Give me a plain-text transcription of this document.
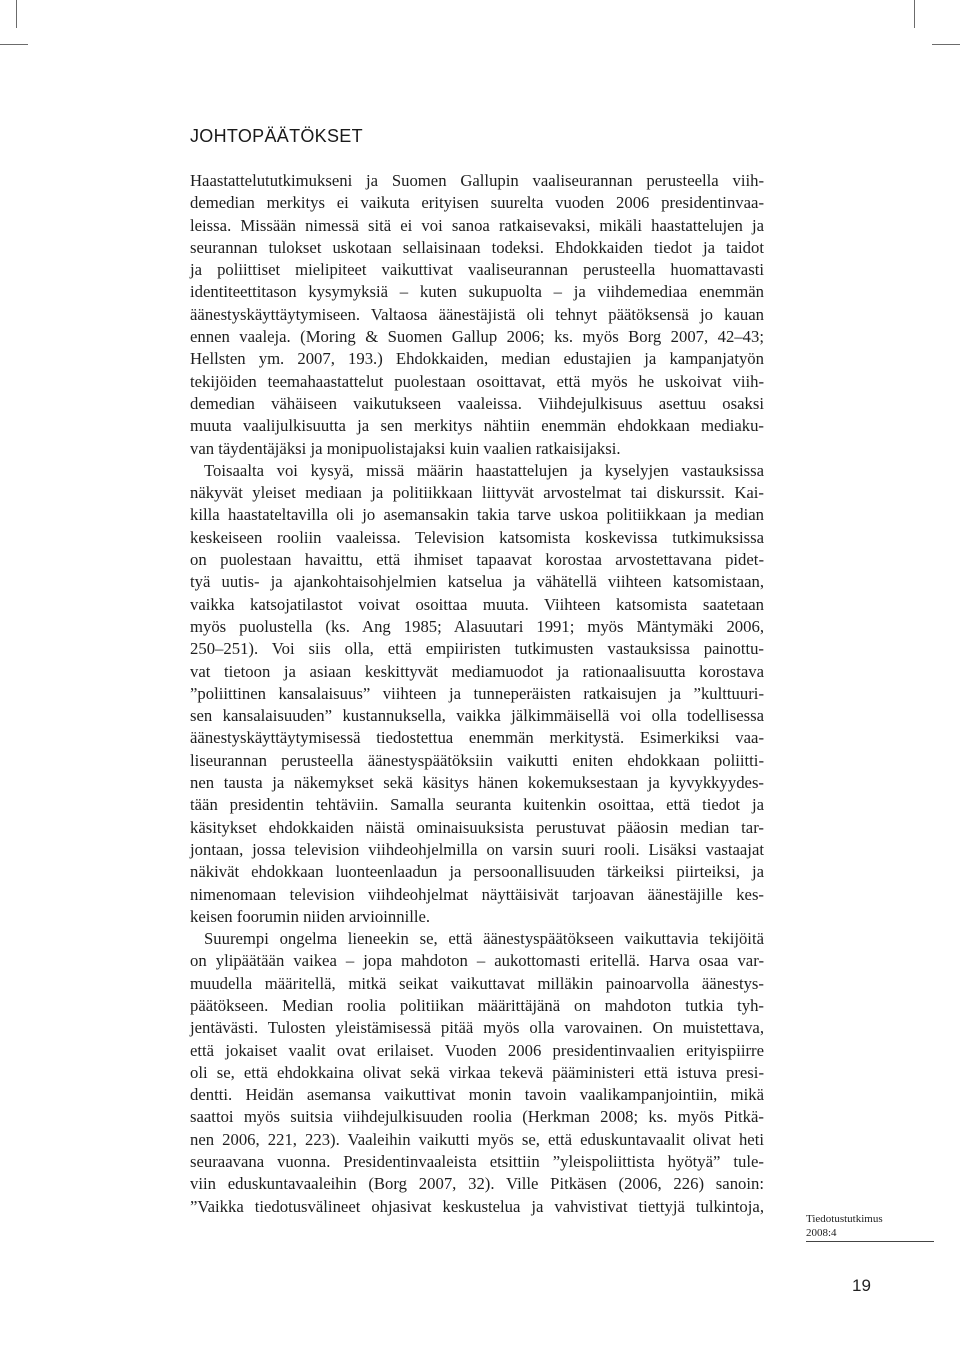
JOHTOPÄÄTÖKSET
Haastattelututkimukseni ja Suomen Gallupin vaaliseurannan perusteella viih-
demedian merkitys ei vaikuta erityisen suurelta vuoden 2006 presidentinvaa-
leissa. Missään nimessä sitä ei voi sanoa ratkaisevaksi, mikäli haastattelujen ja
seurannan tulokset uskotaan sellaisinaan todeksi. Ehdokkaiden tiedot ja taidot
ja poliittiset mielipiteet vaikuttivat vaaliseurannan perusteella huomattavasti
identiteettitason kysymyksiä – kuten sukupuolta – ja viihdemediaa enemmän
äänestyskäyttäytymiseen. Valtaosa äänestäjistä oli tehnyt päätöksensä jo kauan
ennen vaaleja. (Moring & Suomen Gallup 2006; ks. myös Borg 2007, 42–43;
Hellsten ym. 2007, 193.) Ehdokkaiden, median edustajien ja kampanjatyön
tekijöiden teemahaastattelut puolestaan osoittavat, että myös he uskoivat viih-
demedian vähäiseen vaikutukseen vaaleissa. Viihdejulkisuus asettuu osaksi
muuta vaalijulkisuutta ja sen merkitys nähtiin enemmän ehdokkaan mediaku-
van täydentäjäksi ja monipuolistajaksi kuin vaalien ratkaisijaksi.
Toisaalta voi kysyä, missä määrin haastattelujen ja kyselyjen vastauksissa
näkyvät yleiset mediaan ja politiikkaan liittyvät arvostelmat tai diskurssit. Kai-
killa haastateltavilla oli jo asemansakin takia tarve uskoa politiikkaan ja median
keskeiseen rooliin vaaleissa. Television katsomista koskevissa tutkimuksissa
on puolestaan havaittu, että ihmiset tapaavat korostaa arvostettavana pidet-
tyä uutis- ja ajankohtaisohjelmien katselua ja vähätellä viihteen katsomistaan,
vaikka katsojatilastot voivat osoittaa muuta. Viihteen katsomista saatetaan
myös puolustella (ks. Ang 1985; Alasuutari 1991; myös Mäntymäki 2006,
250–251). Voi siis olla, että empiiristen tutkimusten vastauksissa painottu-
vat tietoon ja asiaan keskittyvät mediamuodot ja rationaalisuutta korostava
”poliittinen kansalaisuus” viihteen ja tunneperäisten ratkaisujen ja ”kulttuuri-
sen kansalaisuuden” kustannuksella, vaikka jälkimmäisellä voi olla todellisessa
äänestyskäyttäytymisessä tiedostettua enemmän merkitystä. Esimerkiksi vaa-
liseurannan perusteella äänestyspäätöksiin vaikutti eniten ehdokkaan poliitti-
nen tausta ja näkemykset sekä käsitys hänen kokemuksestaan ja kyvykkyydes-
tään presidentin tehtäviin. Samalla seuranta kuitenkin osoittaa, että tiedot ja
käsitykset ehdokkaiden näistä ominaisuuksista perustuvat pääosin median tar-
jontaan, jossa television viihdeohjelmilla on varsin suuri rooli. Lisäksi vastaajat
näkivät ehdokkaan luonteenlaadun ja persoonallisuuden tärkeiksi piirteiksi, ja
nimenomaan television viihdeohjelmat näyttäisivät tarjoavan äänestäjille kes-
keisen foorumin niiden arvioinnille.
Suurempi ongelma lieneekin se, että äänestyspäätökseen vaikuttavia tekijöitä
on ylipäätään vaikea – jopa mahdoton – aukottomasti eritellä. Harva osaa var-
muudella määritellä, mitkä seikat vaikuttavat milläkin painoarvolla äänestys-
päätökseen. Median roolia politiikan määrittäjänä on mahdoton tutkia tyh-
jentävästi. Tulosten yleistämisessä pitää myös olla varovainen. On muistettava,
että jokaiset vaalit ovat erilaiset. Vuoden 2006 presidentinvaalien erityispiirre
oli se, että ehdokkaina olivat sekä virkaa tekevä pääministeri että istuva presi-
dentti. Heidän asemansa vaikuttivat monin tavoin vaalikampanjointiin, mikä
saattoi myös suitsia viihdejulkisuuden roolia (Herkman 2008; ks. myös Pitkä-
nen 2006, 221, 223). Vaaleihin vaikutti myös se, että eduskuntavaalit olivat heti
seuraavana vuonna. Presidentinvaaleista etsittiin ”yleispoliittista hyötyä” tule-
viin eduskuntavaaleihin (Borg 2007, 32). Ville Pitkäsen (2006, 226) sanoin:
”Vaikka tiedotusvälineet ohjasivat keskustelua ja vahvistivat tiettyjä tulkintoja,
Tiedotustutkimus
2008:4
19
